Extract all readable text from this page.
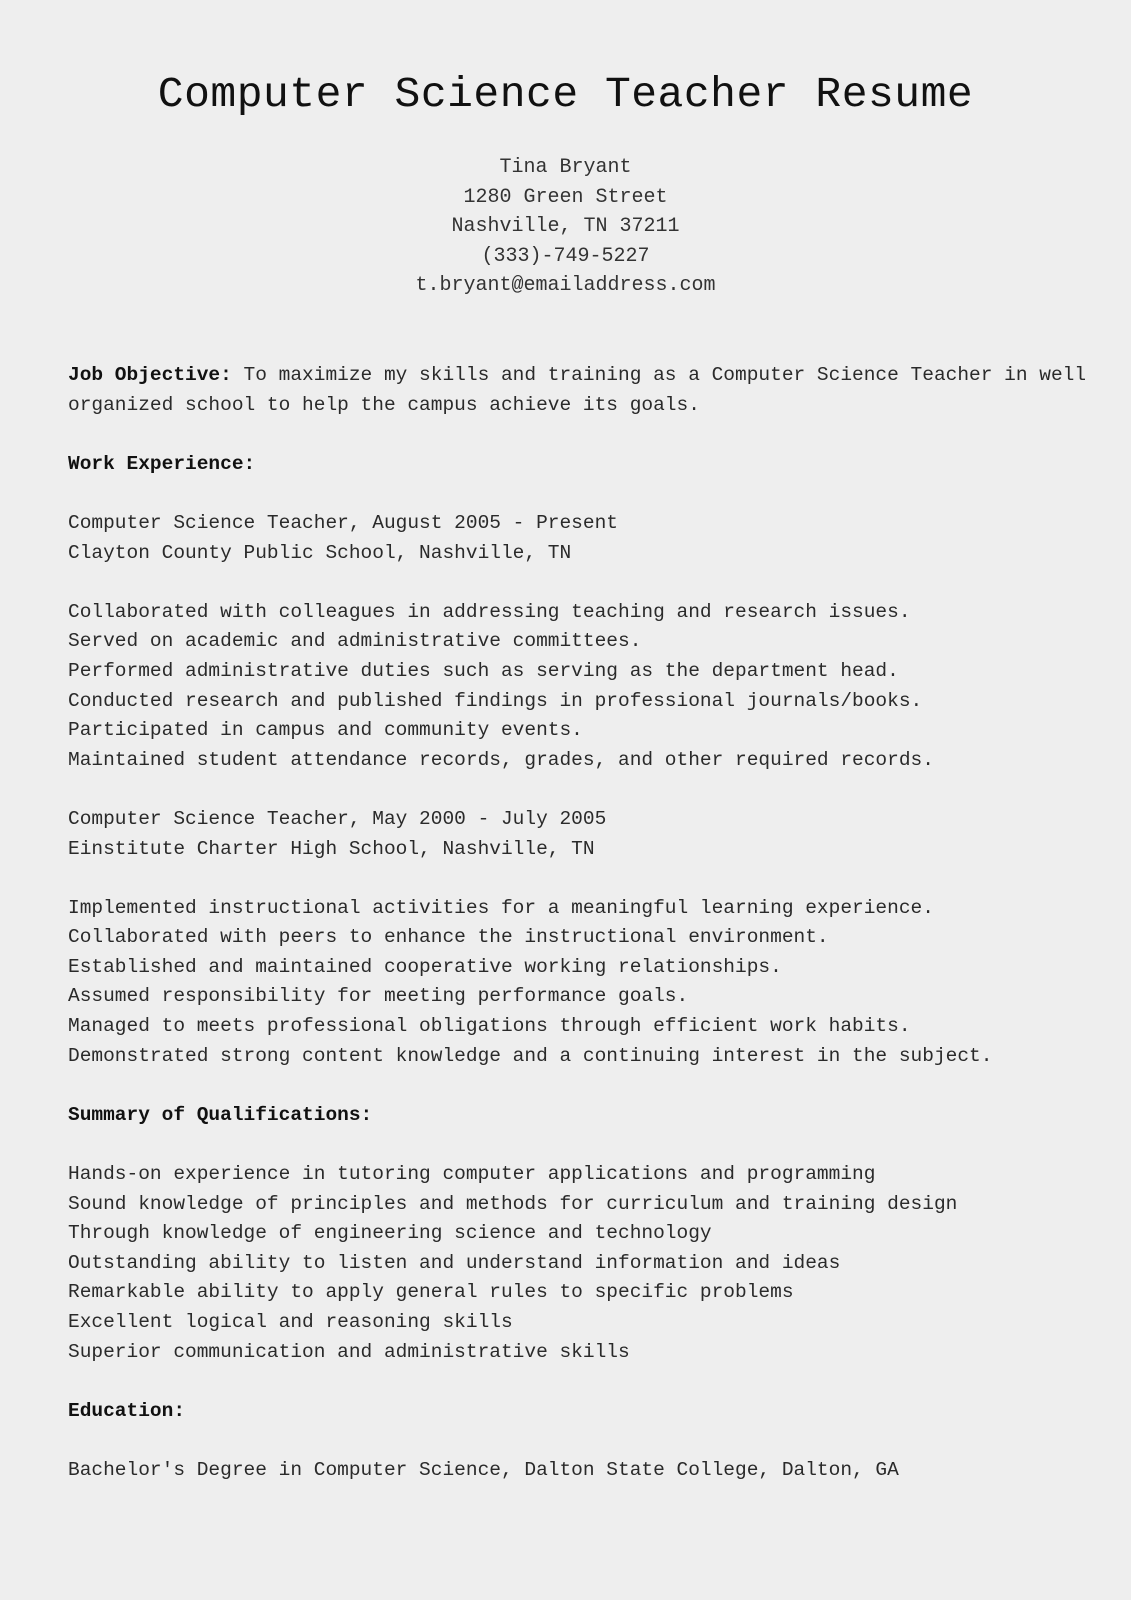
Computer Science Teacher Resume
Tina Bryant
1280 Green Street
Nashville, TN 37211
(333)-749-5227
t.bryant@emailaddress.com
Job Objective: To maximize my skills and training as a Computer Science Teacher in well
organized school to help the campus achieve its goals.
Work Experience:
Computer Science Teacher, August 2005 - Present
Clayton County Public School, Nashville, TN
Collaborated with colleagues in addressing teaching and research issues.
Served on academic and administrative committees.
Performed administrative duties such as serving as the department head.
Conducted research and published findings in professional journals/books.
Participated in campus and community events.
Maintained student attendance records, grades, and other required records.
Computer Science Teacher, May 2000 - July 2005
Einstitute Charter High School, Nashville, TN
Implemented instructional activities for a meaningful learning experience.
Collaborated with peers to enhance the instructional environment.
Established and maintained cooperative working relationships.
Assumed responsibility for meeting performance goals.
Managed to meets professional obligations through efficient work habits.
Demonstrated strong content knowledge and a continuing interest in the subject.
Summary of Qualifications:
Hands-on experience in tutoring computer applications and programming
Sound knowledge of principles and methods for curriculum and training design
Through knowledge of engineering science and technology
Outstanding ability to listen and understand information and ideas
Remarkable ability to apply general rules to specific problems
Excellent logical and reasoning skills
Superior communication and administrative skills
Education:
Bachelor's Degree in Computer Science, Dalton State College, Dalton, GA
